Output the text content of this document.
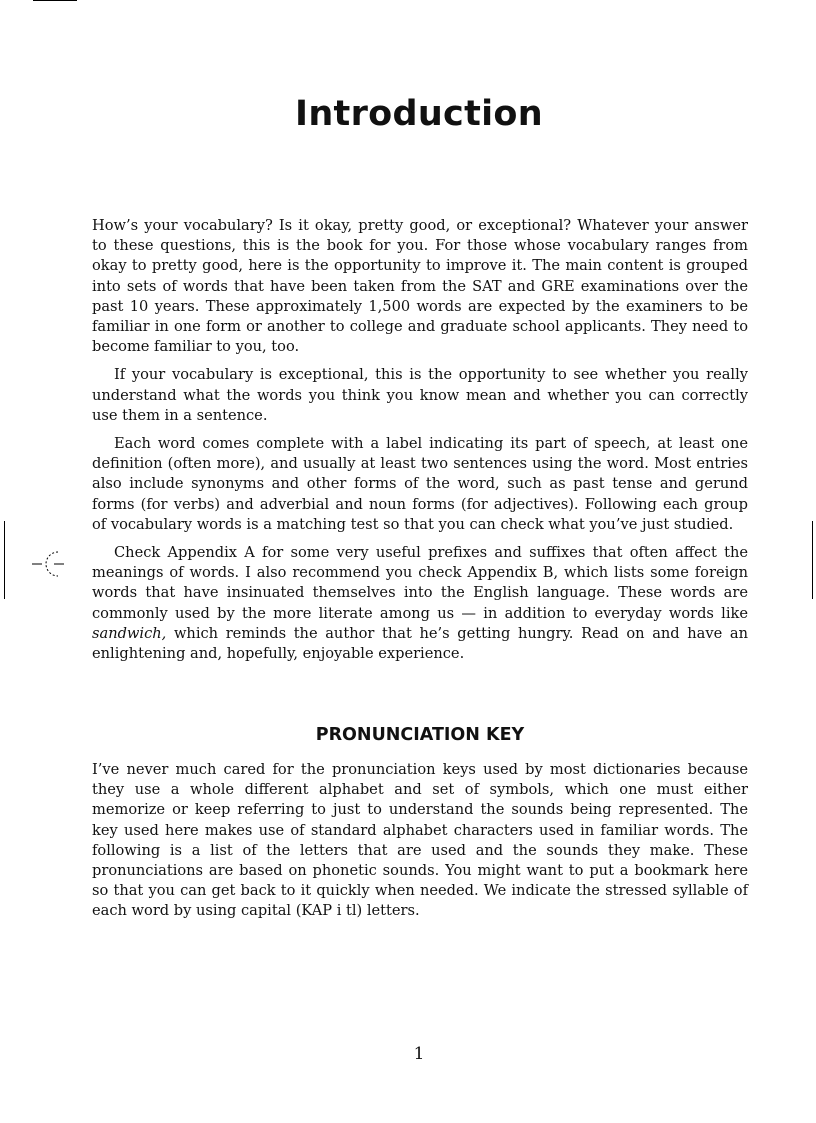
Introduction

How’s your vocabulary? Is it okay, pretty good, or exceptional? Whatever your answer to these questions, this is the book for you. For those whose vocabulary ranges from okay to pretty good, here is the opportunity to improve it. The main content is grouped into sets of words that have been taken from the SAT and GRE examinations over the past 10 years. These approximately 1,500 words are expected by the examiners to be familiar in one form or another to college and graduate school applicants. They need to become familiar to you, too.

If your vocabulary is exceptional, this is the opportunity to see whether you really understand what the words you think you know mean and whether you can correctly use them in a sentence.

Each word comes complete with a label indicating its part of speech, at least one definition (often more), and usually at least two sentences using the word. Most entries also include synonyms and other forms of the word, such as past tense and gerund forms (for verbs) and adverbial and noun forms (for adjectives). Following each group of vocabulary words is a matching test so that you can check what you’ve just studied.

Check Appendix A for some very useful prefixes and suffixes that often affect the meanings of words. I also recommend you check Appendix B, which lists some foreign words that have insinuated themselves into the English language. These words are commonly used by the more literate among us — in addition to everyday words like sandwich, which reminds the author that he’s getting hungry. Read on and have an enlightening and, hopefully, enjoyable experience.

PRONUNCIATION KEY

I’ve never much cared for the pronunciation keys used by most dictionaries because they use a whole different alphabet and set of symbols, which one must either memorize or keep referring to just to understand the sounds being represented. The key used here makes use of standard alphabet characters used in familiar words. The following is a list of the letters that are used and the sounds they make. These pronunciations are based on phonetic sounds. You might want to put a bookmark here so that you can get back to it quickly when needed. We indicate the stressed syllable of each word by using capital (KAP i tl) letters.

1
